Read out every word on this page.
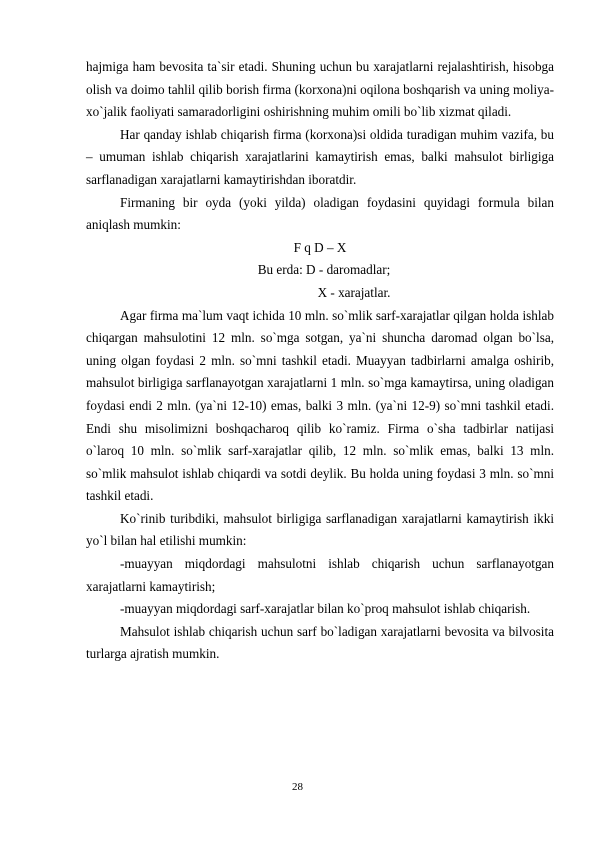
hajmiga ham bevosita ta`sir etadi. Shuning uchun bu xarajatlarni rejalashtirish, hisobga olish va doimo tahlil qilib borish firma (korxona)ni oqilona boshqarish va uning moliya-xo`jalik faoliyati samaradorligini oshirishning muhim omili bo`lib xizmat qiladi.

Har qanday ishlab chiqarish firma (korxona)si oldida turadigan muhim vazifa, bu – umuman ishlab chiqarish xarajatlarini kamaytirish emas, balki mahsulot birligiga sarflanadigan xarajatlarni kamaytirishdan iboratdir.

Firmaning bir oyda (yoki yilda) oladigan foydasini quyidagi formula bilan aniqlash mumkin:

F q D – X

Bu erda: D - daromadlar;

X - xarajatlar.

Agar firma ma`lum vaqt ichida 10 mln. so`mlik sarf-xarajatlar qilgan holda ishlab chiqargan mahsulotini 12 mln. so`mga sotgan, ya`ni shuncha daromad olgan bo`lsa, uning olgan foydasi 2 mln. so`mni tashkil etadi. Muayyan tadbirlarni amalga oshirib, mahsulot birligiga sarflanayotgan xarajatlarni 1 mln. so`mga kamaytirsa, uning oladigan foydasi endi 2 mln. (ya`ni 12-10) emas, balki 3 mln. (ya`ni 12-9) so`mni tashkil etadi. Endi shu misolimizni boshqacharoq qilib ko`ramiz. Firma o`sha tadbirlar natijasi o`laroq 10 mln. so`mlik sarf-xarajatlar qilib, 12 mln. so`mlik emas, balki 13 mln. so`mlik mahsulot ishlab chiqardi va sotdi deylik. Bu holda uning foydasi 3 mln. so`mni tashkil etadi.

Ko`rinib turibdiki, mahsulot birligiga sarflanadigan xarajatlarni kamaytirish ikki yo`l bilan hal etilishi mumkin:

-muayyan miqdordagi mahsulotni ishlab chiqarish uchun sarflanayotgan xarajatlarni kamaytirish;

-muayyan miqdordagi sarf-xarajatlar bilan ko`proq mahsulot ishlab chiqarish.

Mahsulot ishlab chiqarish uchun sarf bo`ladigan xarajatlarni bevosita va bilvosita turlarga ajratish mumkin.

28
